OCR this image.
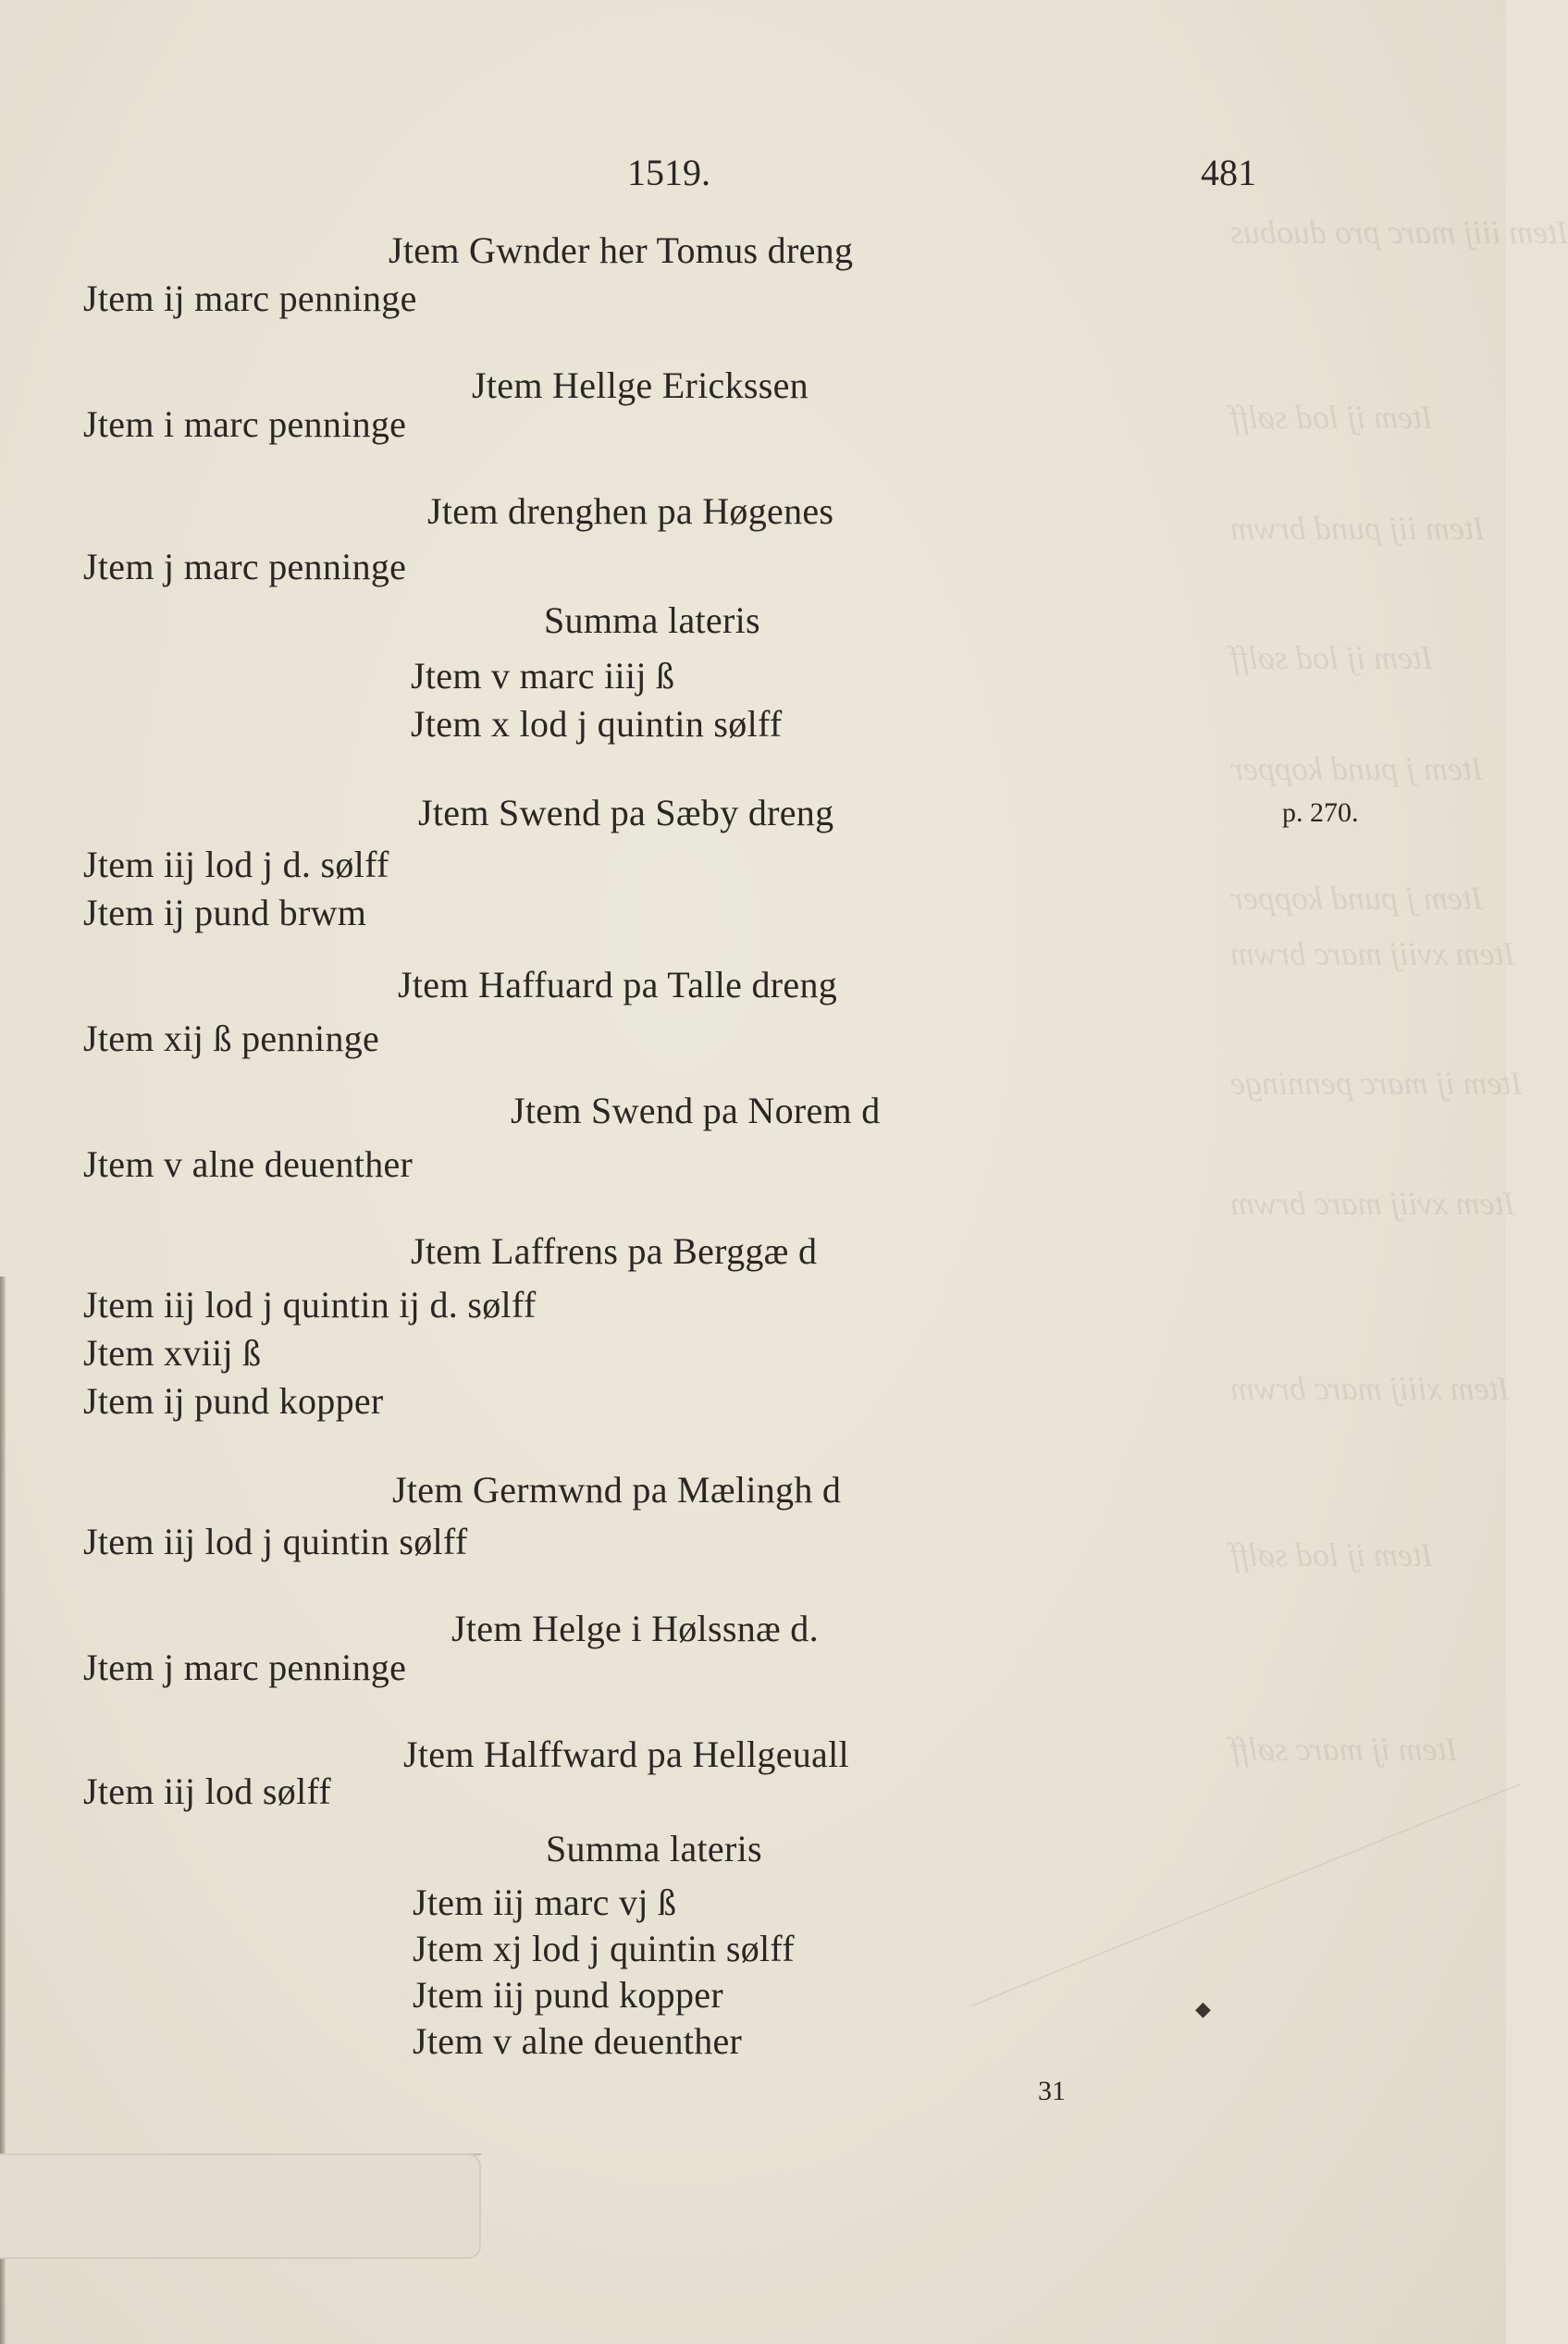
Item iiij marc pro duobus
Item ij lod sølff
Item iij pund brwm
Item ij lod sølff
Item j pund kopper
Item j pund kopper
Item xviij marc brwm
Item ij marc penninge
Item xviij marc brwm
Item xiiij marc brwm
Item ij lod sølff
Item ij marc sølff
1519.	481
p. 270.
Jtem Gwnder her Tomus dreng
Jtem ij marc penninge
Jtem Hellge Erickssen
Jtem i marc penninge
Jtem drenghen pa Høgenes
Jtem j marc penninge
Summa lateris
Jtem v marc iiij ß
Jtem x lod j quintin sølff
Jtem Swend pa Sæby dreng
Jtem iij lod j d. sølff
Jtem ij pund brwm
Jtem Haffuard pa Talle dreng
Jtem xij ß penninge
Jtem Swend pa Norem d
Jtem v alne deuenther
Jtem Laffrens pa Berggæ d
Jtem iij lod j quintin ij d. sølff
Jtem xviij ß
Jtem ij pund kopper
Jtem Germwnd pa Mælingh d
Jtem iij lod j quintin sølff
Jtem Helge i Hølssnæ d.
Jtem j marc penninge
Jtem Halffward pa Hellgeuall
Jtem iij lod sølff
Summa lateris
Jtem iij marc vj ß
Jtem xj lod j quintin sølff
Jtem iij pund kopper
Jtem v alne deuenther
31
◆
